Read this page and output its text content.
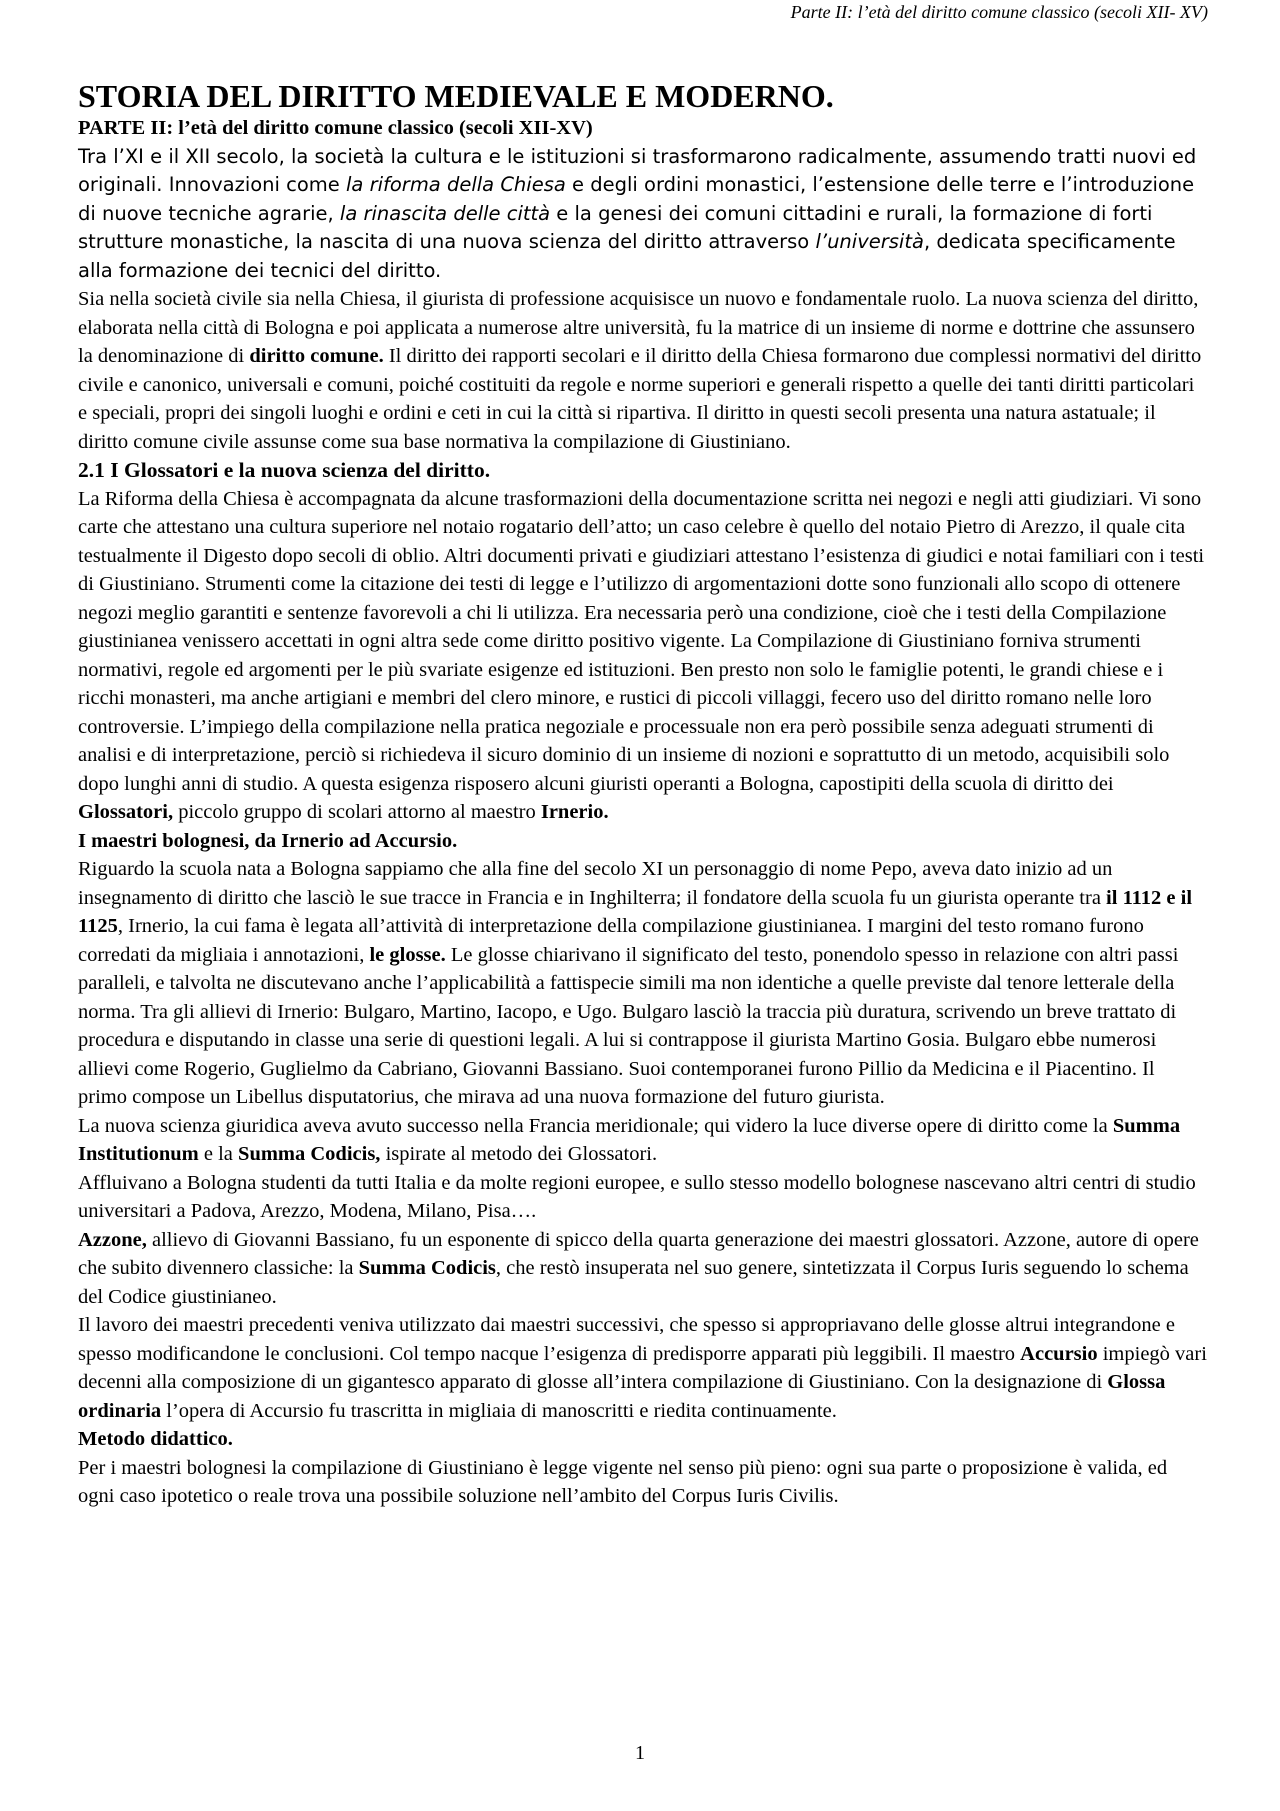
Parte II: l’età del diritto comune classico (secoli XII- XV)
STORIA DEL DIRITTO MEDIEVALE E MODERNO.
PARTE II: l’età del diritto comune classico (secoli XII-XV)

Tra l’XI e il XII secolo, la società la cultura e le istituzioni si trasformarono radicalmente, assumendo tratti nuovi ed originali. Innovazioni come la riforma della Chiesa e degli ordini monastici, l’estensione delle terre e l’introduzione di nuove tecniche agrarie, la rinascita delle città e la genesi dei comuni cittadini e rurali, la formazione di forti strutture monastiche, la nascita di una nuova scienza del diritto attraverso l’università, dedicata specificamente alla formazione dei tecnici del diritto.

Sia nella società civile sia nella Chiesa, il giurista di professione acquisisce un nuovo e fondamentale ruolo. La nuova scienza del diritto, elaborata nella città di Bologna e poi applicata a numerose altre università, fu la matrice di un insieme di norme e dottrine che assunsero la denominazione di diritto comune. Il diritto dei rapporti secolari e il diritto della Chiesa formarono due complessi normativi del diritto civile e canonico, universali e comuni, poiché costituiti da regole e norme superiori e generali rispetto a quelle dei tanti diritti particolari e speciali, propri dei singoli luoghi e ordini e ceti in cui la città si ripartiva. Il diritto in questi secoli presenta una natura astatuale; il diritto comune civile assunse come sua base normativa la compilazione di Giustiniano.

2.1 I Glossatori e la nuova scienza del diritto.

La Riforma della Chiesa è accompagnata da alcune trasformazioni della documentazione scritta nei negozi e negli atti giudiziari. Vi sono carte che attestano una cultura superiore nel notaio rogatario dell’atto; un caso celebre è quello del notaio Pietro di Arezzo, il quale cita testualmente il Digesto dopo secoli di oblio. Altri documenti privati e giudiziari attestano l’esistenza di giudici e notai familiari con i testi di Giustiniano. Strumenti come la citazione dei testi di legge e l’utilizzo di argomentazioni dotte sono funzionali allo scopo di ottenere negozi meglio garantiti e sentenze favorevoli a chi li utilizza. Era necessaria però una condizione, cioè che i testi della Compilazione giustinianea venissero accettati in ogni altra sede come diritto positivo vigente. La Compilazione di Giustiniano forniva strumenti normativi, regole ed argomenti per le più svariate esigenze ed istituzioni. Ben presto non solo le famiglie potenti, le grandi chiese e i ricchi monasteri, ma anche artigiani e membri del clero minore, e rustici di piccoli villaggi, fecero uso del diritto romano nelle loro controversie. L’impiego della compilazione nella pratica negoziale e processuale non era però possibile senza adeguati strumenti di analisi e di interpretazione, perciò si richiedeva il sicuro dominio di un insieme di nozioni e soprattutto di un metodo, acquisibili solo dopo lunghi anni di studio. A questa esigenza risposero alcuni giuristi operanti a Bologna, capostipiti della scuola di diritto dei Glossatori, piccolo gruppo di scolari attorno al maestro Irnerio.

I maestri bolognesi, da Irnerio ad Accursio.

Riguardo la scuola nata a Bologna sappiamo che alla fine del secolo XI un personaggio di nome Pepo, aveva dato inizio ad un insegnamento di diritto che lasciò le sue tracce in Francia e in Inghilterra; il fondatore della scuola fu un giurista operante tra il 1112 e il 1125, Irnerio, la cui fama è legata all’attività di interpretazione della compilazione giustinianea. I margini del testo romano furono corredati da migliaia i annotazioni, le glosse. Le glosse chiarivano il significato del testo, ponendolo spesso in relazione con altri passi paralleli, e talvolta ne discutevano anche l’applicabilità a fattispecie simili ma non identiche a quelle previste dal tenore letterale della norma. Tra gli allievi di Irnerio: Bulgaro, Martino, Iacopo, e Ugo. Bulgaro lasciò la traccia più duratura, scrivendo un breve trattato di procedura e disputando in classe una serie di questioni legali. A lui si contrappose il giurista Martino Gosia. Bulgaro ebbe numerosi allievi come Rogerio, Guglielmo da Cabriano, Giovanni Bassiano. Suoi contemporanei furono Pillio da Medicina e il Piacentino. Il primo compose un Libellus disputatorius, che mirava ad una nuova formazione del futuro giurista.

La nuova scienza giuridica aveva avuto successo nella Francia meridionale; qui videro la luce diverse opere di diritto come la Summa Institutionum e la Summa Codicis, ispirate al metodo dei Glossatori.

Affluivano a Bologna studenti da tutti Italia e da molte regioni europee, e sullo stesso modello bolognese nascevano altri centri di studio universitari a Padova, Arezzo, Modena, Milano, Pisa….

Azzone, allievo di Giovanni Bassiano, fu un esponente di spicco della quarta generazione dei maestri glossatori. Azzone, autore di opere che subito divennero classiche: la Summa Codicis, che restò insuperata nel suo genere, sintetizzata il Corpus Iuris seguendo lo schema del Codice giustinianeo.

Il lavoro dei maestri precedenti veniva utilizzato dai maestri successivi, che spesso si appropriavano delle glosse altrui integrandone e spesso modificandone le conclusioni. Col tempo nacque l’esigenza di predisporre apparati più leggibili. Il maestro Accursio impiegò vari decenni alla composizione di un gigantesco apparato di glosse all’intera compilazione di Giustiniano. Con la designazione di Glossa ordinaria l’opera di Accursio fu trascritta in migliaia di manoscritti e riedita continuamente.

Metodo didattico.

Per i maestri bolognesi la compilazione di Giustiniano è legge vigente nel senso più pieno: ogni sua parte o proposizione è valida, ed ogni caso ipotetico o reale trova una possibile soluzione nell’ambito del Corpus Iuris Civilis.

1
